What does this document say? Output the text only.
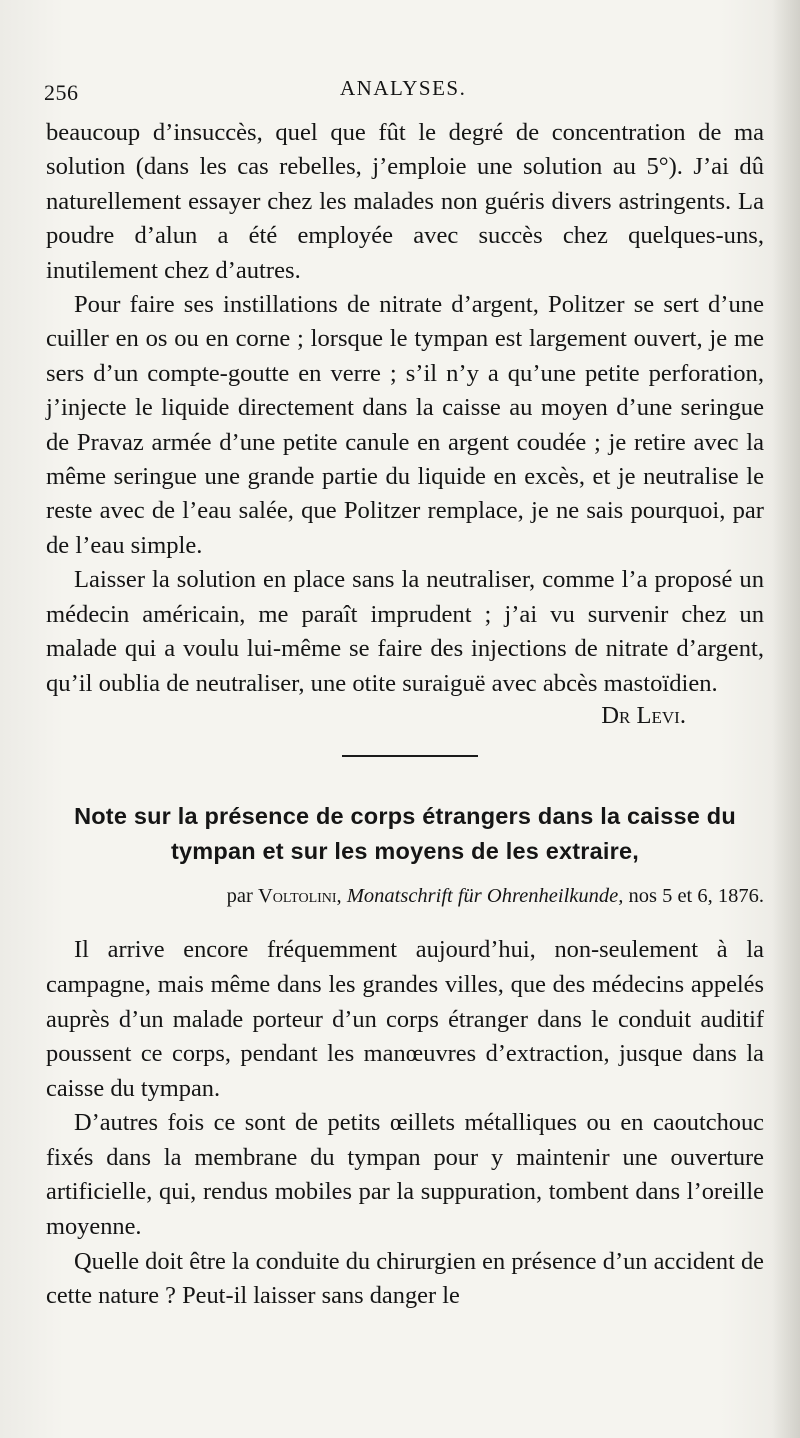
256	ANALYSES.

beaucoup d’insuccès, quel que fût le degré de concentration de ma solution (dans les cas rebelles, j’emploie une solution au 5°). J’ai dû naturellement essayer chez les malades non guéris divers astringents. La poudre d’alun a été employée avec succès chez quelques-uns, inutilement chez d’autres.

Pour faire ses instillations de nitrate d’argent, Politzer se sert d’une cuiller en os ou en corne ; lorsque le tympan est largement ouvert, je me sers d’un compte-goutte en verre ; s’il n’y a qu’une petite perforation, j’injecte le liquide directement dans la caisse au moyen d’une seringue de Pravaz armée d’une petite canule en argent coudée ; je retire avec la même seringue une grande partie du liquide en excès, et je neutralise le reste avec de l’eau salée, que Politzer remplace, je ne sais pourquoi, par de l’eau simple.

Laisser la solution en place sans la neutraliser, comme l’a proposé un médecin américain, me paraît imprudent ; j’ai vu survenir chez un malade qui a voulu lui-même se faire des injections de nitrate d’argent, qu’il oublia de neutraliser, une otite suraiguë avec abcès mastoïdien.

Dr Levi.

Note sur la présence de corps étrangers dans la caisse du tympan et sur les moyens de les extraire,

par Voltolini, Monatschrift für Ohrenheilkunde, nos 5 et 6, 1876.

Il arrive encore fréquemment aujourd’hui, non-seulement à la campagne, mais même dans les grandes villes, que des médecins appelés auprès d’un malade porteur d’un corps étranger dans le conduit auditif poussent ce corps, pendant les manœuvres d’extraction, jusque dans la caisse du tympan.

D’autres fois ce sont de petits œillets métalliques ou en caoutchouc fixés dans la membrane du tympan pour y maintenir une ouverture artificielle, qui, rendus mobiles par la suppuration, tombent dans l’oreille moyenne.

Quelle doit être la conduite du chirurgien en présence d’un accident de cette nature ? Peut-il laisser sans danger le
